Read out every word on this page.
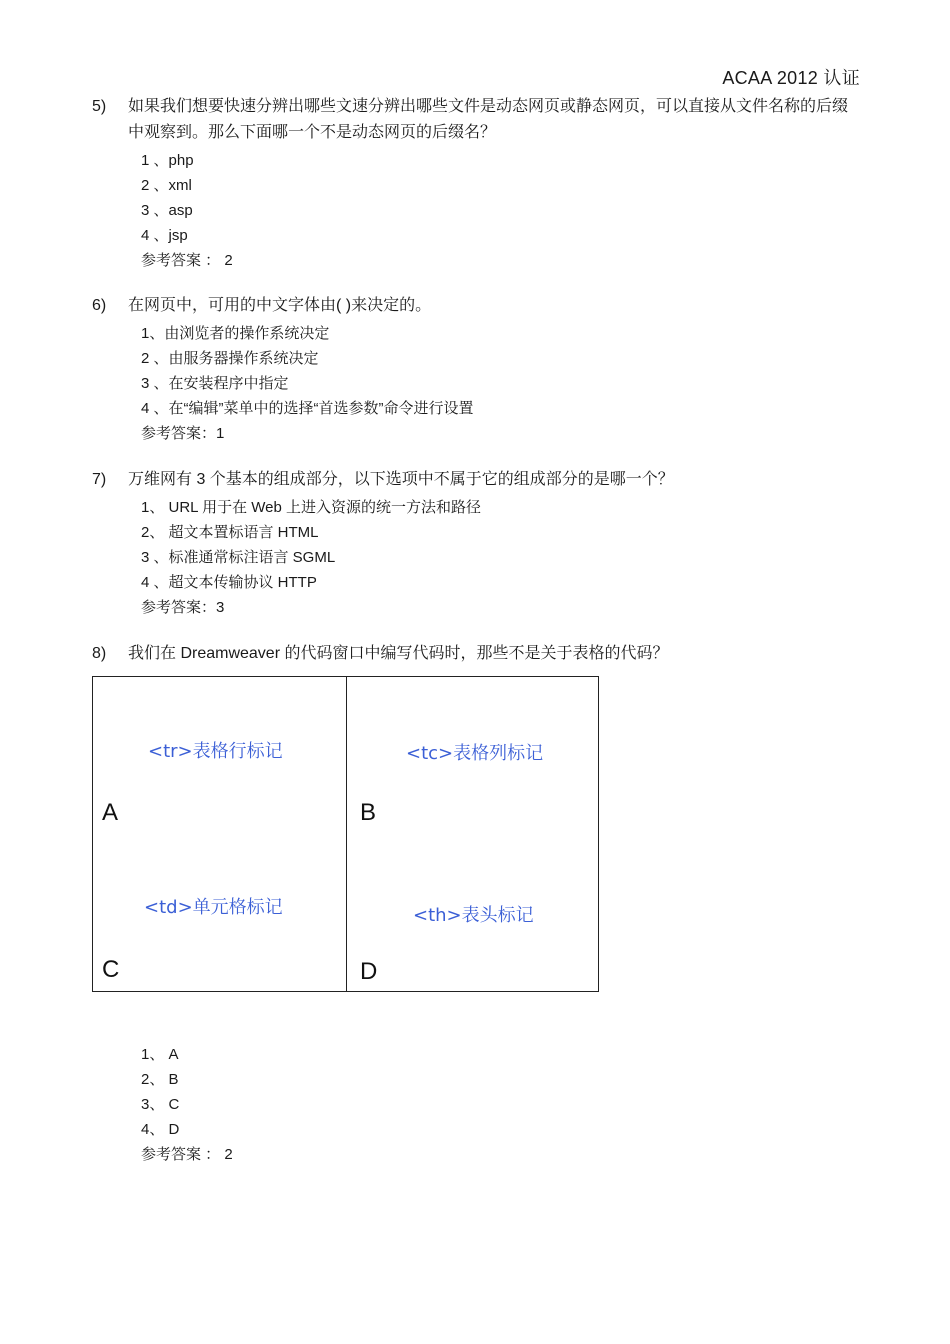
ACAA 2012 认证
5)	如果我们想要快速分辨出哪些文速分辨出哪些文件是动态网页或静态网页，可以直接从文件名称的后缀中观察到。那么下面哪一个不是动态网页的后缀名？
1 、php
2 、xml
3 、asp
4 、jsp
参考答案 ： 2
6)	在网页中，可用的中文字体由( )来决定的。
1、由浏览者的操作系统决定
2 、由服务器操作系统决定
3 、在安装程序中指定
4 、在“编辑”菜单中的选择“首选参数”命令进行设置
参考答案：1
7)	万维网有 3 个基本的组成部分，以下选项中不属于它的组成部分的是哪一个？
1、 URL 用于在 Web 上进入资源的统一方法和路径
2、 超文本置标语言 HTML
3 、标准通常标注语言 SGML
4 、超文本传输协议 HTTP
参考答案：3
8)	我们在 Dreamweaver 的代码窗口中编写代码时，那些不是关于表格的代码？
<tr>表格行标记
A
<tc>表格列标记
B
<td>单元格标记
C
<th>表头标记
D
1、 A
2、 B
3、 C
4、 D
参考答案 ： 2
